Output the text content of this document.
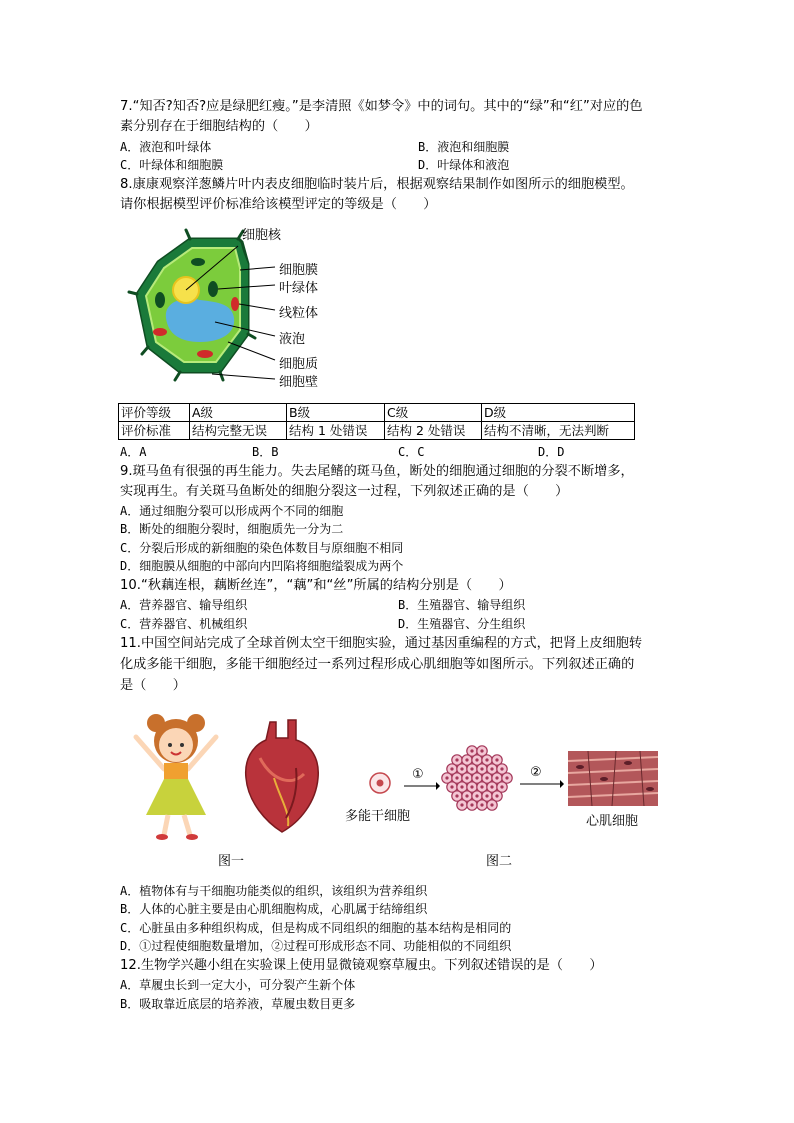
7.“知否?知否?应是绿肥红瘦。”是李清照《如梦令》中的词句。其中的“绿”和“红”对应的色
素分别存在于细胞结构的（　　）
A．液泡和叶绿体	B．液泡和细胞膜
C．叶绿体和细胞膜	D．叶绿体和液泡
8.康康观察洋葱鳞片叶内表皮细胞临时装片后，根据观察结果制作如图所示的细胞模型。
请你根据模型评价标准给该模型评定的等级是（　　）
细胞核
细胞膜
叶绿体
线粒体
液泡
细胞质
细胞壁
评价等级	A级	B级	C级	D级
评价标准	结构完整无误	结构 1 处错误	结构 2 处错误	结构不清晰，无法判断
A．A	B．B	C．C	D．D
9.斑马鱼有很强的再生能力。失去尾鳍的斑马鱼，断处的细胞通过细胞的分裂不断增多，
实现再生。有关斑马鱼断处的细胞分裂这一过程，下列叙述正确的是（　　）
A．通过细胞分裂可以形成两个不同的细胞
B．断处的细胞分裂时，细胞质先一分为二
C．分裂后形成的新细胞的染色体数目与原细胞不相同
D．细胞膜从细胞的中部向内凹陷将细胞缢裂成为两个
10.“秋藕连根，藕断丝连”，“藕”和“丝”所属的结构分别是（　　）
A．营养器官、输导组织	B．生殖器官、输导组织
C．营养器官、机械组织	D．生殖器官、分生组织
11.中国空间站完成了全球首例太空干细胞实验，通过基因重编程的方式，把肾上皮细胞转
化成多能干细胞，多能干细胞经过一系列过程形成心肌细胞等如图所示。下列叙述正确的
是（　　）
多能干细胞
①	②
心肌细胞
图一	图二
A．植物体有与干细胞功能类似的组织，该组织为营养组织
B．人体的心脏主要是由心肌细胞构成，心肌属于结缔组织
C．心脏虽由多种组织构成，但是构成不同组织的细胞的基本结构是相同的
D．①过程使细胞数量增加，②过程可形成形态不同、功能相似的不同组织
12.生物学兴趣小组在实验课上使用显微镜观察草履虫。下列叙述错误的是（　　）
A．草履虫长到一定大小，可分裂产生新个体
B．吸取靠近底层的培养液，草履虫数目更多
